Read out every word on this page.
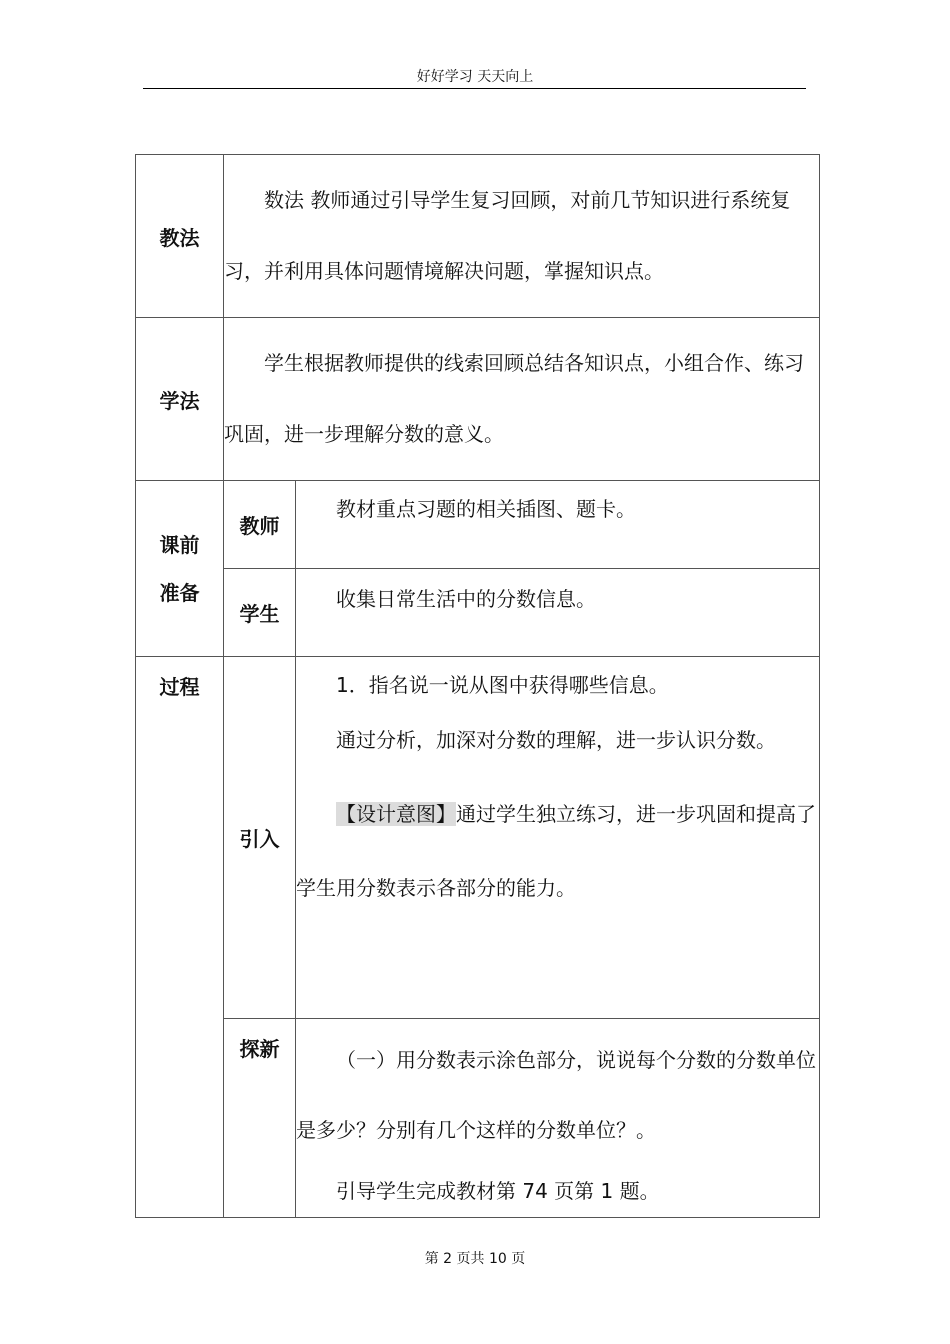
好好学习 天天向上
教法	数法 教师通过引导学生复习回顾，对前几节知识进行系统复习，并利用具体问题情境解决问题，掌握知识点。	

学法	学生根据教师提供的线索回顾总结各知识点，小组合作、练习巩固，进一步理解分数的意义。	

课前
准备	教师	教材重点习题的相关插图、题卡。

	学生	收集日常生活中的分数信息。

过程	引入	1．指名说一说从图中获得哪些信息。

通过分析，加深对分数的理解，进一步认识分数。

【设计意图】通过学生独立练习，进一步巩固和提高了学生用分数表示各部分的能力。

	探新	（一）用分数表示涂色部分，说说每个分数的分数单位是多少？分别有几个这样的分数单位？。

引导学生完成教材第 74 页第 1 题。

第 2 页共 10 页
